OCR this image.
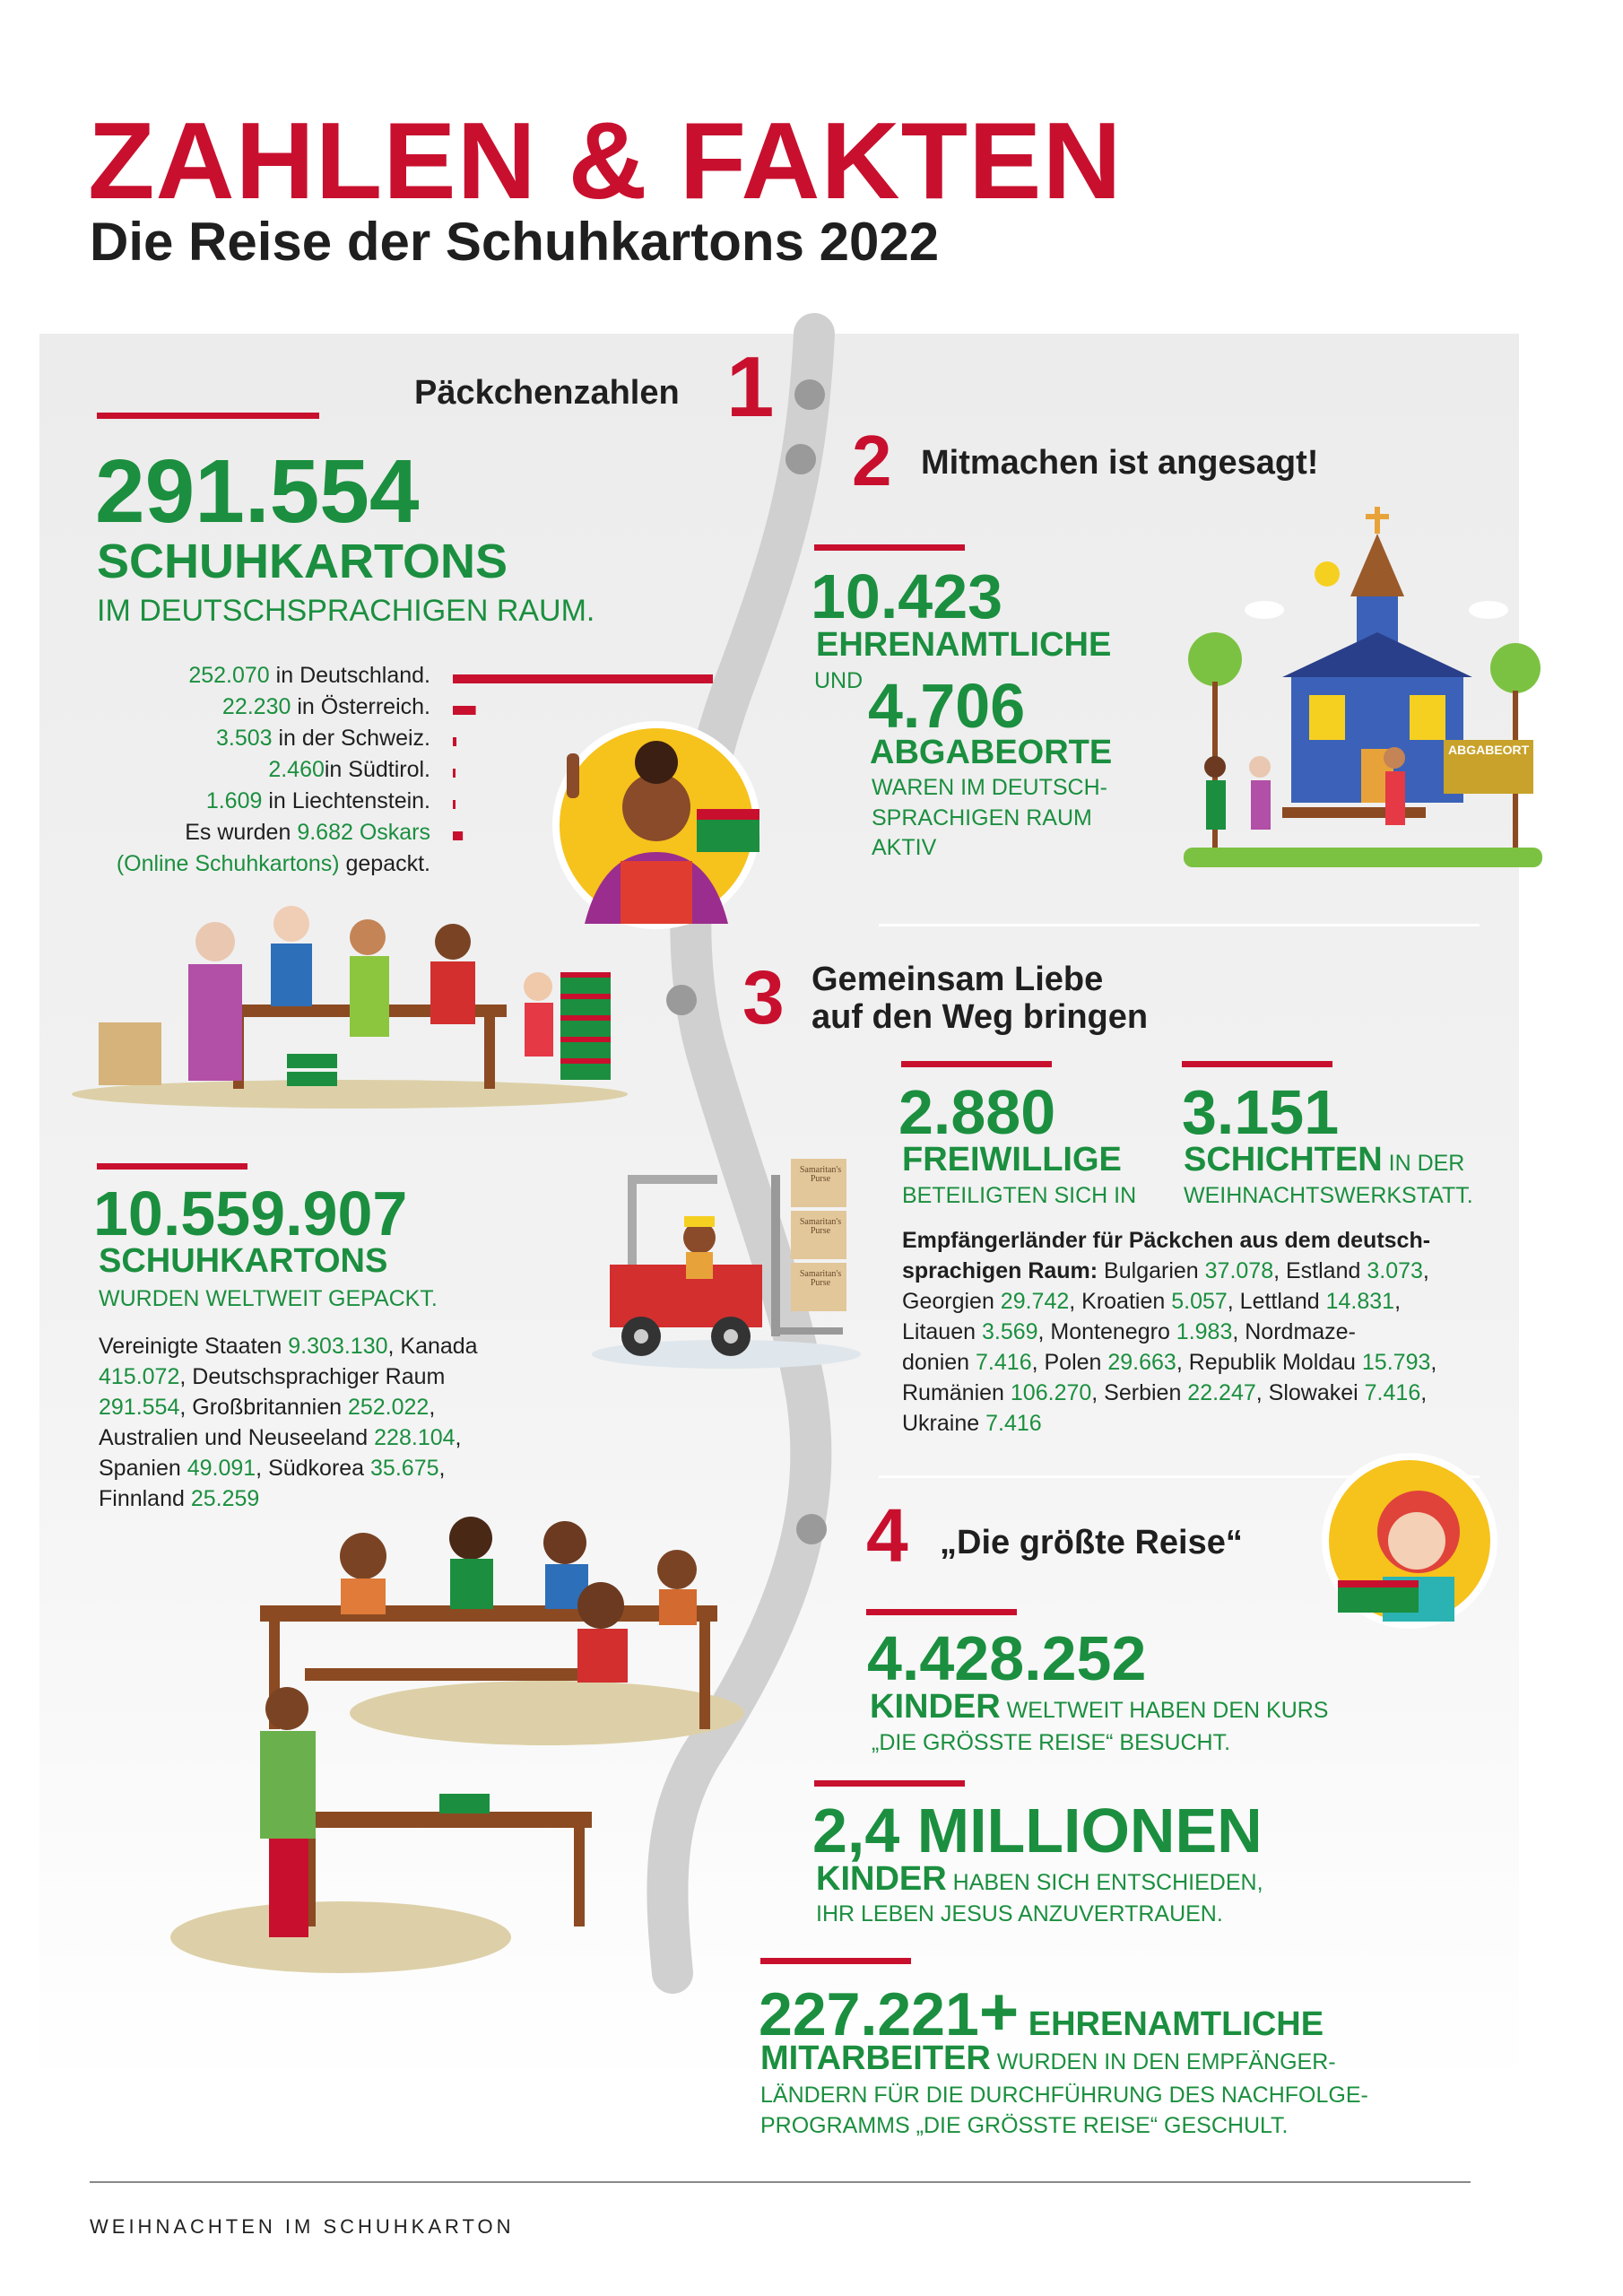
ZAHLEN & FAKTEN
Die Reise der Schuhkartons 2022
Päckchenzahlen 1
291.554
SCHUHKARTONS
IM DEUTSCHSPRACHIGEN RAUM.
252.070 in Deutschland.
22.230 in Österreich.
3.503 in der Schweiz.
2.460in Südtirol.
1.609 in Liechtenstein.
Es wurden 9.682 Oskars
(Online Schuhkartons) gepackt.
10.559.907
SCHUHKARTONS
WURDEN WELTWEIT GEPACKT.
Vereinigte Staaten 9.303.130, Kanada
415.072, Deutschsprachiger Raum
291.554, Großbritannien 252.022,
Australien und Neuseeland 228.104,
Spanien 49.091, Südkorea 35.675,
Finnland 25.259
2 Mitmachen ist angesagt!
10.423
EHRENAMTLICHE
UND 4.706
ABGABEORTE
WAREN IM DEUTSCH-
SPRACHIGEN RAUM
AKTIV
ABGABEORT
3 Gemeinsam Liebe
auf den Weg bringen
2.880
FREIWILLIGE
BETEILIGTEN SICH IN
3.151
SCHICHTEN IN DER
WEIHNACHTSWERKSTATT.
Empfängerländer für Päckchen aus dem deutsch-
sprachigen Raum: Bulgarien 37.078, Estland 3.073,
Georgien 29.742, Kroatien 5.057, Lettland 14.831,
Litauen 3.569, Montenegro 1.983, Nordmaze-
donien 7.416, Polen 29.663, Republik Moldau 15.793,
Rumänien 106.270, Serbien 22.247, Slowakei 7.416,
Ukraine 7.416
Samaritan's Purse
Samaritan's Purse
Samaritan's Purse
4 „Die größte Reise“
4.428.252
KINDER WELTWEIT HABEN DEN KURS
„DIE GRÖSSTE REISE“ BESUCHT.
2,4 MILLIONEN
KINDER HABEN SICH ENTSCHIEDEN,
IHR LEBEN JESUS ANZUVERTRAUEN.
227.221+ EHRENAMTLICHE
MITARBEITER WURDEN IN DEN EMPFÄNGER-
LÄNDERN FÜR DIE DURCHFÜHRUNG DES NACHFOLGE-
PROGRAMMS „DIE GRÖSSTE REISE“ GESCHULT.
WEIHNACHTEN IM SCHUHKARTON
